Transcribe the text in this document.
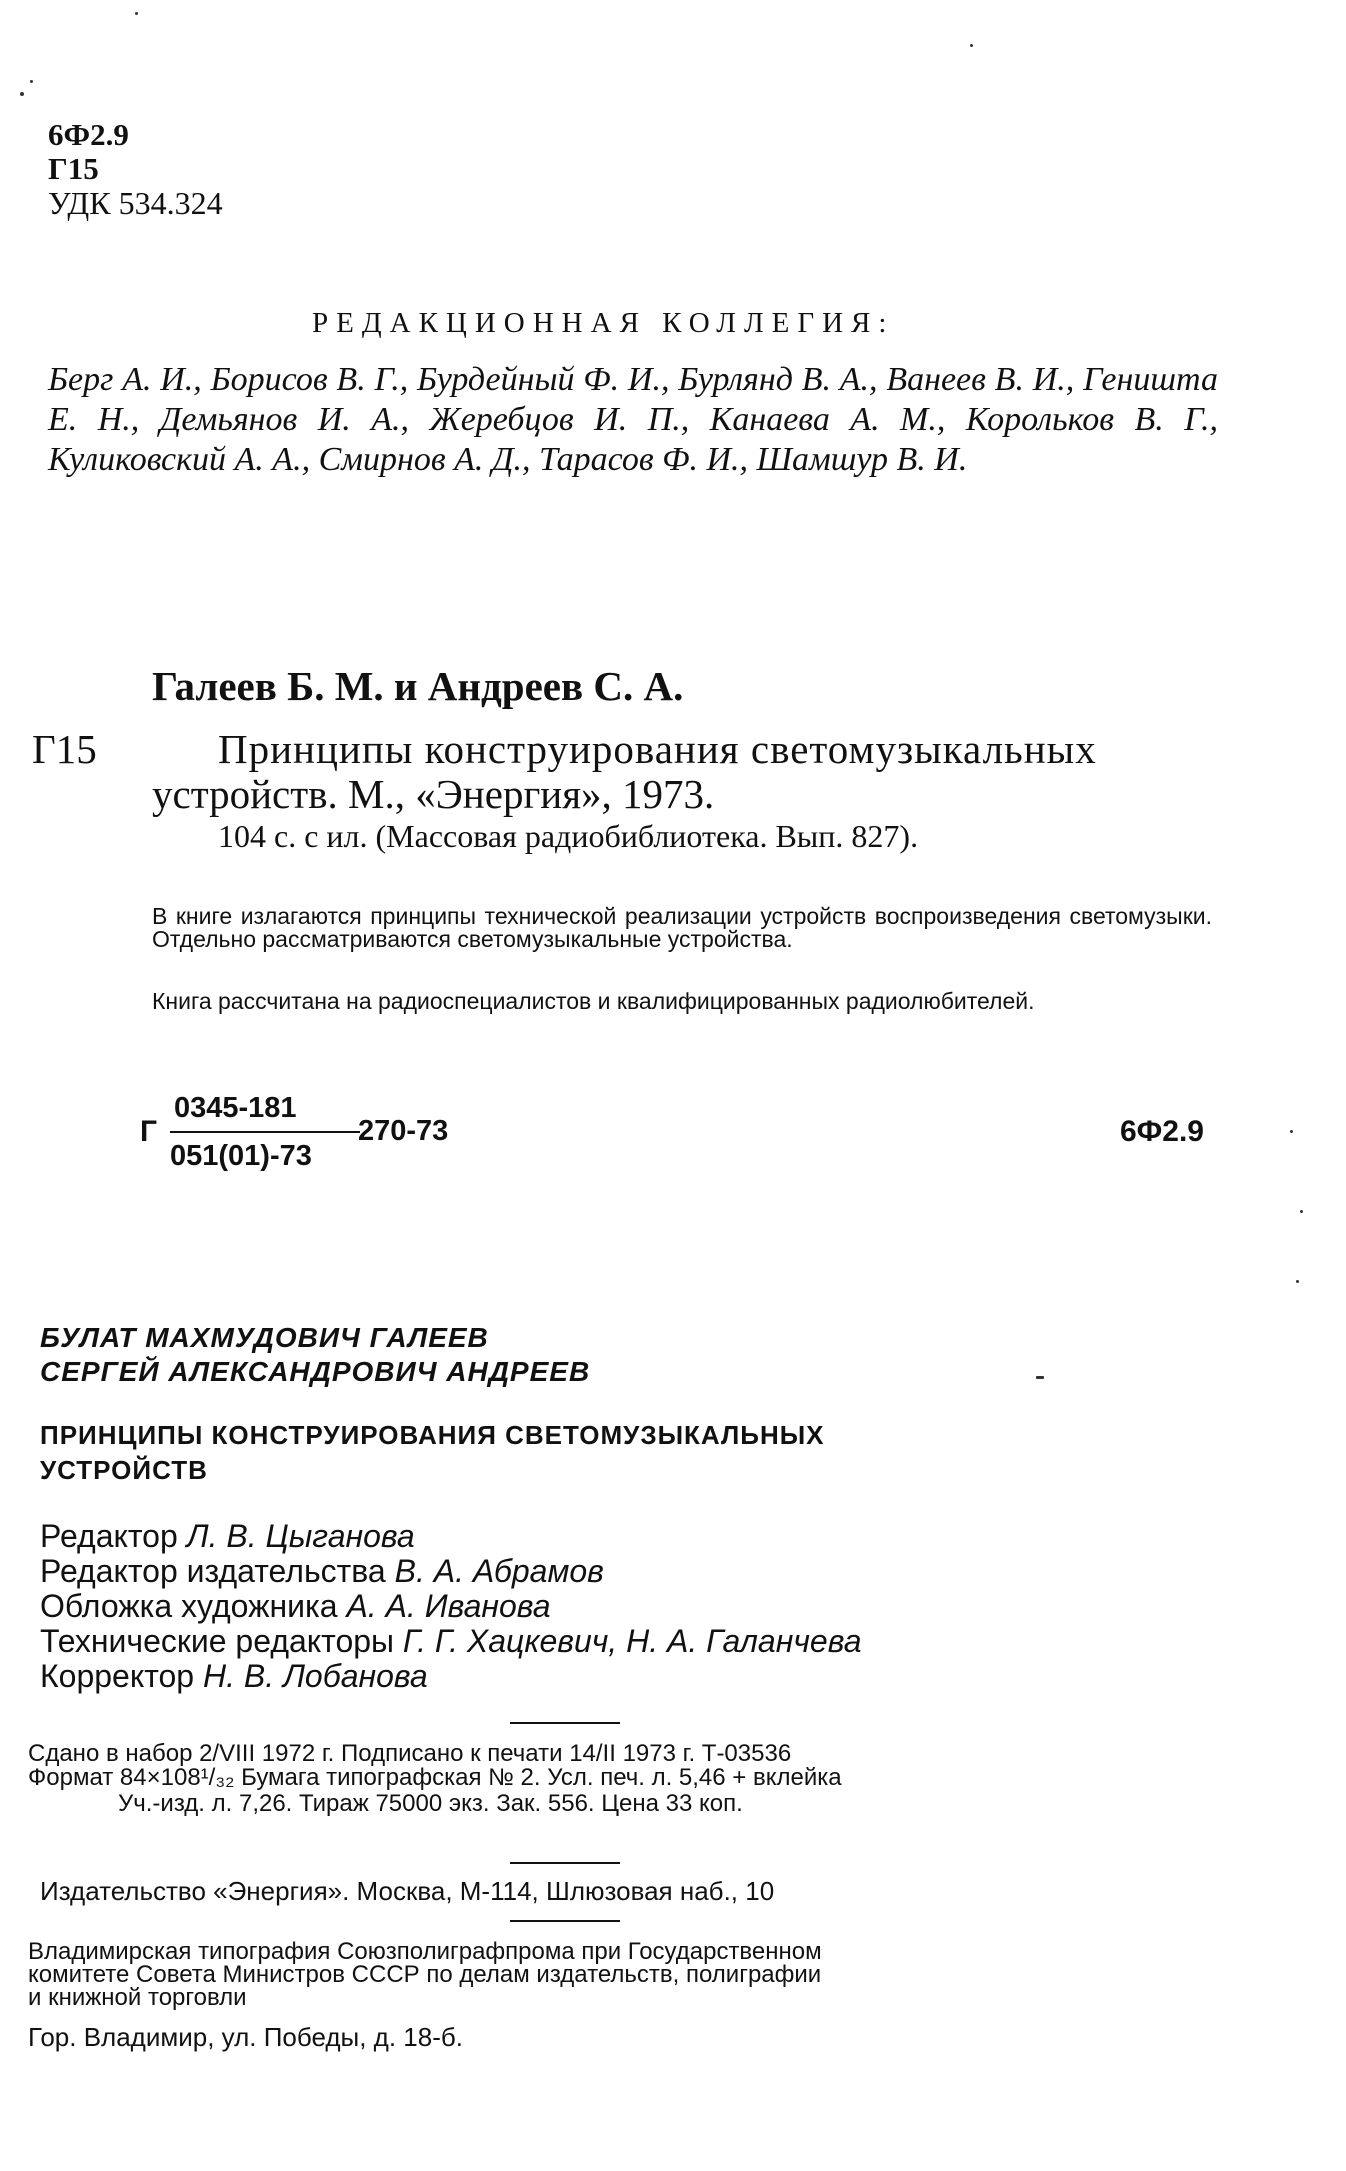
6Ф2.9
Г15
УДК 534.324
РЕДАКЦИОННАЯ КОЛЛЕГИЯ:
Берг А. И., Борисов В. Г., Бурдейный Ф. И., Бурлянд В. А., Ванеев В. И., Геништа Е. Н., Демьянов И. А., Жеребцов И. П., Канаева А. М., Корольков В. Г., Куликовский А. А., Смирнов А. Д., Тарасов Ф. И., Шамшур В. И.
Галеев Б. М. и Андреев С. А.
Г15	Принципы конструирования светомузыкальных
устройств. М., «Энергия», 1973.
104 с. с ил. (Массовая радиобиблиотека. Вып. 827).
В книге излагаются принципы технической реализации устройств воспроизведения светомузыки. Отдельно рассматриваются светомузыкальные устройства.
Книга рассчитана на радиоспециалистов и квалифицированных радиолюбителей.
Г
0345-181
051(01)-73
270-73	6Ф2.9
БУЛАТ МАХМУДОВИЧ ГАЛЕЕВ
СЕРГЕЙ АЛЕКСАНДРОВИЧ АНДРЕЕВ
ПРИНЦИПЫ КОНСТРУИРОВАНИЯ СВЕТОМУЗЫКАЛЬНЫХ
УСТРОЙСТВ
Редактор Л. В. Цыганова
Редактор издательства В. А. Абрамов
Обложка художника А. А. Иванова
Технические редакторы Г. Г. Хацкевич, Н. А. Галанчева
Корректор Н. В. Лобанова
Сдано в набор 2/VIII 1972 г. Подписано к печати 14/II 1973 г. Т-03536
Формат 84×108¹/₃₂ Бумага типографская № 2. Усл. печ. л. 5,46 + вклейка
Уч.-изд. л. 7,26. Тираж 75000 экз. Зак. 556. Цена 33 коп.
Издательство «Энергия». Москва, М-114, Шлюзовая наб., 10
Владимирская типография Союзполиграфпрома при Государственном
комитете Совета Министров СССР по делам издательств, полиграфии
и книжной торговли
Гор. Владимир, ул. Победы, д. 18-б.
